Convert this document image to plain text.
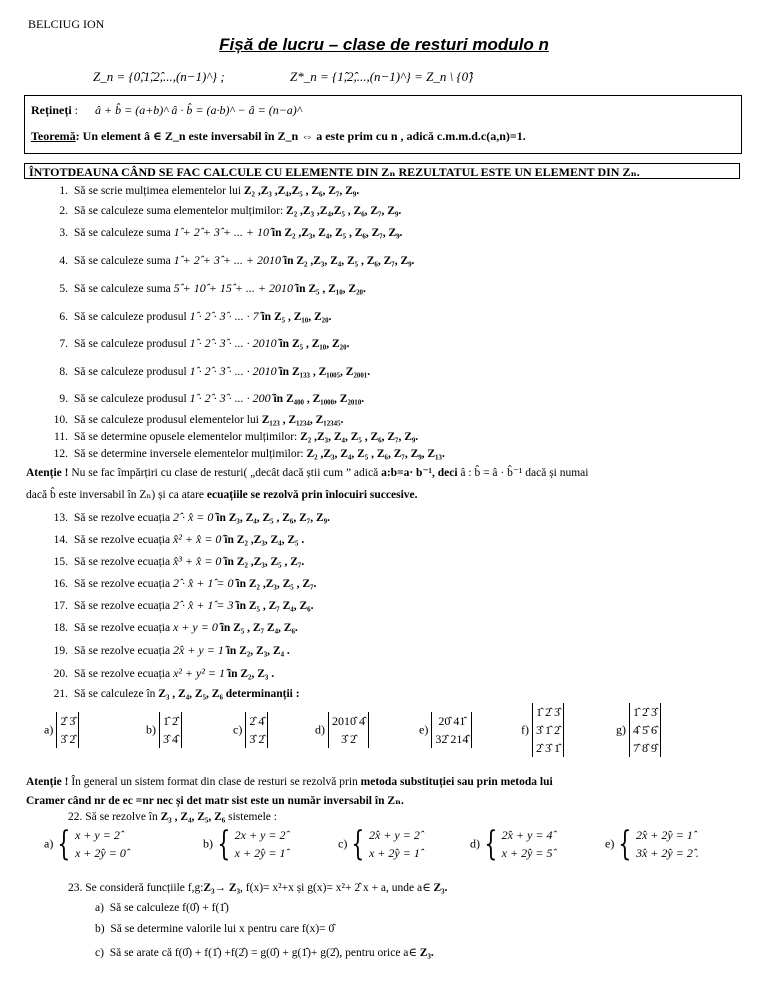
BELCIUG ION
Fișă de lucru – clase de resturi modulo n
Z_n = {0̂,1̂,2̂,...,(n−1)^} ;	Z*_n = {1̂,2̂,...,(n−1)^} = Z_n \ {0̂}
Rețineți : â + b̂ = (a+b)^ â · b̂ = (a·b)^ − â = (n−a)^
Teoremă: Un element â ∈ Z_n este inversabil în Z_n ⇔ a este prim cu n , adică c.m.m.d.c(a,n)=1.
ÎNTOTDEAUNA CÂND SE FAC CALCULE CU ELEMENTE DIN Zₙ REZULTATUL ESTE UN ELEMENT DIN Zₙ.
1. Să se scrie mulțimea elementelor lui Z₂ ,Z₃ ,Z₄,Z₅ , Z₆, Z₇, Z₉.
2. Să se calculeze suma elementelor mulțimilor: Z₂ ,Z₃ ,Z₄,Z₅ , Z₆, Z₇, Z₉.
3. Să se calculeze suma 1̂ + 2̂ + 3̂ + ... + 10̂ în Z₂ ,Z₃, Z₄, Z₅ , Z₆, Z₇, Z₉.
4. Să se calculeze suma 1̂ + 2̂ + 3̂ + ... + 2010̂ în Z₂ ,Z₃, Z₄, Z₅ , Z₆, Z₇, Z₉.
5. Să se calculeze suma 5̂ + 10̂ + 15̂ + ... + 2010̂ în Z₅ , Z₁₀, Z₂₀.
6. Să se calculeze produsul 1̂ · 2̂ · 3̂ · ... · 7̂ în Z₅ , Z₁₀, Z₂₀.
7. Să se calculeze produsul 1̂ · 2̂ · 3̂ · ... · 2010̂ în Z₅ , Z₁₀, Z₂₀.
8. Să se calculeze produsul 1̂ · 2̂ · 3̂ · ... · 2010̂ în Z₁₃₃ , Z₁₀₀₅, Z₂₀₀₁.
9. Să se calculeze produsul 1̂ · 2̂ · 3̂ · ... · 200̂ în Z₄₀₀ , Z₁₀₀₀, Z₂₀₁₀.
10. Să se calculeze produsul elementelor lui Z₁₂₃ , Z₁₂₃₄, Z₁₂₃₄₅.
11. Să se determine opusele elementelor mulțimilor: Z₂ ,Z₃, Z₄, Z₅ , Z₆, Z₇, Z₉.
12. Să se determine inversele elementelor mulțimilor: Z₂ ,Z₃, Z₄, Z₅ , Z₆, Z₇, Z₉, Z₁₃.
Atenție ! Nu se fac împărțiri cu clase de resturi( „decât dacă știi cum ” adică a:b=a· b⁻¹, deci â : b̂ = â · b̂⁻¹ dacă și numai
dacă b̂ este inversabil în Zₙ) și ca atare ecuațiile se rezolvă prin înlocuiri succesive.
13. Să se rezolve ecuația 2̂ · x̂ = 0̂ în Z₃, Z₄, Z₅ , Z₆, Z₇, Z₉.
14. Să se rezolve ecuația x̂² + x̂ = 0̂ în Z₂ ,Z₃, Z₄, Z₅ .
15. Să se rezolve ecuația x̂³ + x̂ = 0̂ în Z₂ ,Z₃, Z₅ , Z₇.
16. Să se rezolve ecuația 2̂ · x̂ + 1̂ = 0̂ în Z₂ ,Z₃, Z₅ , Z₇.
17. Să se rezolve ecuația 2̂ · x̂ + 1̂ = 3̂ în Z₅ , Z₇ Z₄, Z₆.
18. Să se rezolve ecuația x + y = 0̂ în Z₅ , Z₇ Z₄, Z₆.
19. Să se rezolve ecuația 2̂x + y = 1̂ în Z₂, Z₃, Z₄ .
20. Să se rezolve ecuația x² + y² = 1̂ în Z₂, Z₃ .
21. Să se calculeze în Z₃ , Z₄, Z₅, Z₆ determinanții :
a)
2̂ 3̂
3̂ 2̂
b)
1̂ 2̂
3̂ 4̂
c)
2̂ 4̂
3̂ 2̂
d)
2010̂ 4̂
3̂ 2̂
e)
20̂ 41̂
32̂ 214̂
f)
1̂ 2̂ 3̂
3̂ 1̂ 2̂
2̂ 3̂ 1̂
g)
1̂ 2̂ 3̂
4̂ 5̂ 6̂
7̂ 8̂ 9̂
Atenție ! În general un sistem format din clase de resturi se rezolvă prin metoda substituției sau prin metoda lui
Cramer când nr de ec =nr nec și det matr sist este un număr inversabil în Zₙ.
22. Să se rezolve în Z₃ , Z₄, Z₅, Z₆ sistemele :
a) { x + y = 2̂
x + 2̂y = 0̂
b) { 2x + y = 2̂
x + 2̂y = 1̂
c) { 2̂x + y = 2̂
x + 2̂y = 1̂
d) { 2̂x + y = 4̂
x + 2̂y = 5̂
e) { 2̂x + 2̂y = 1̂
3̂x + 2̂y = 2̂ .
23. Se consideră funcțiile f,g:Z₃→ Z₃, f(x)= x²+x și g(x)= x²+ 2̂ x + a, unde a∈ Z₃.
a) Să se calculeze f(0̂) + f(1̂)
b) Să se determine valorile lui x pentru care f(x)= 0̂
c) Să se arate că f(0̂) + f(1̂) +f(2̂) = g(0̂) + g(1̂)+ g(2̂), pentru orice a∈ Z₃.
